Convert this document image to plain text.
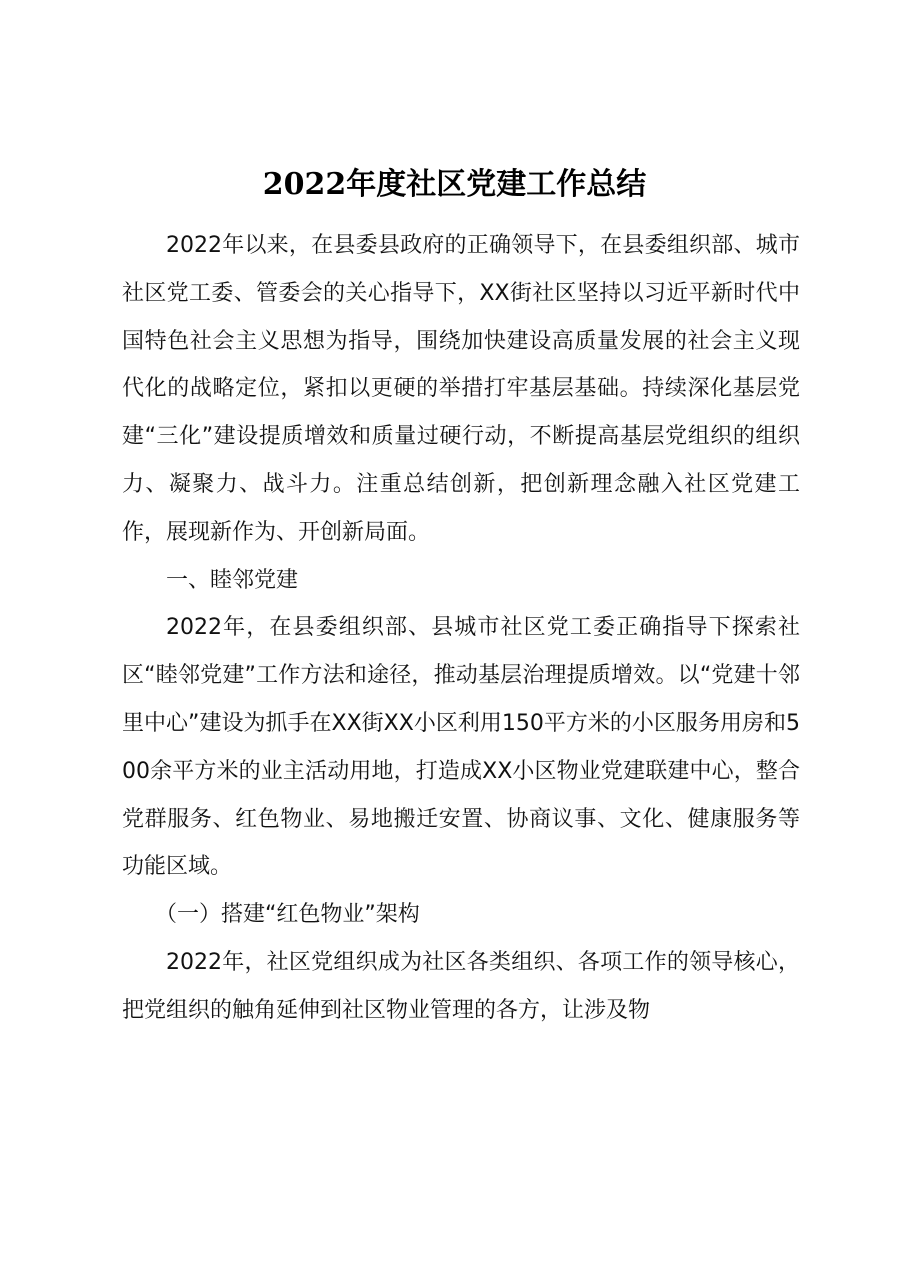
2022年度社区党建工作总结

2022年以来，在县委县政府的正确领导下，在县委组织部、城市社区党工委、管委会的关心指导下，XX街社区坚持以习近平新时代中国特色社会主义思想为指导，围绕加快建设高质量发展的社会主义现代化的战略定位，紧扣以更硬的举措打牢基层基础。持续深化基层党建“三化”建设提质增效和质量过硬行动，不断提高基层党组织的组织力、凝聚力、战斗力。注重总结创新，把创新理念融入社区党建工作，展现新作为、开创新局面。

一、睦邻党建

2022年，在县委组织部、县城市社区党工委正确指导下探索社区“睦邻党建”工作方法和途径，推动基层治理提质增效。以“党建十邻里中心”建设为抓手在XX街XX小区利用150平方米的小区服务用房和500余平方米的业主活动用地，打造成XX小区物业党建联建中心，整合党群服务、红色物业、易地搬迁安置、协商议事、文化、健康服务等功能区域。

（一）搭建“红色物业”架构

2022年，社区党组织成为社区各类组织、各项工作的领导核心，把党组织的触角延伸到社区物业管理的各方，让涉及物
